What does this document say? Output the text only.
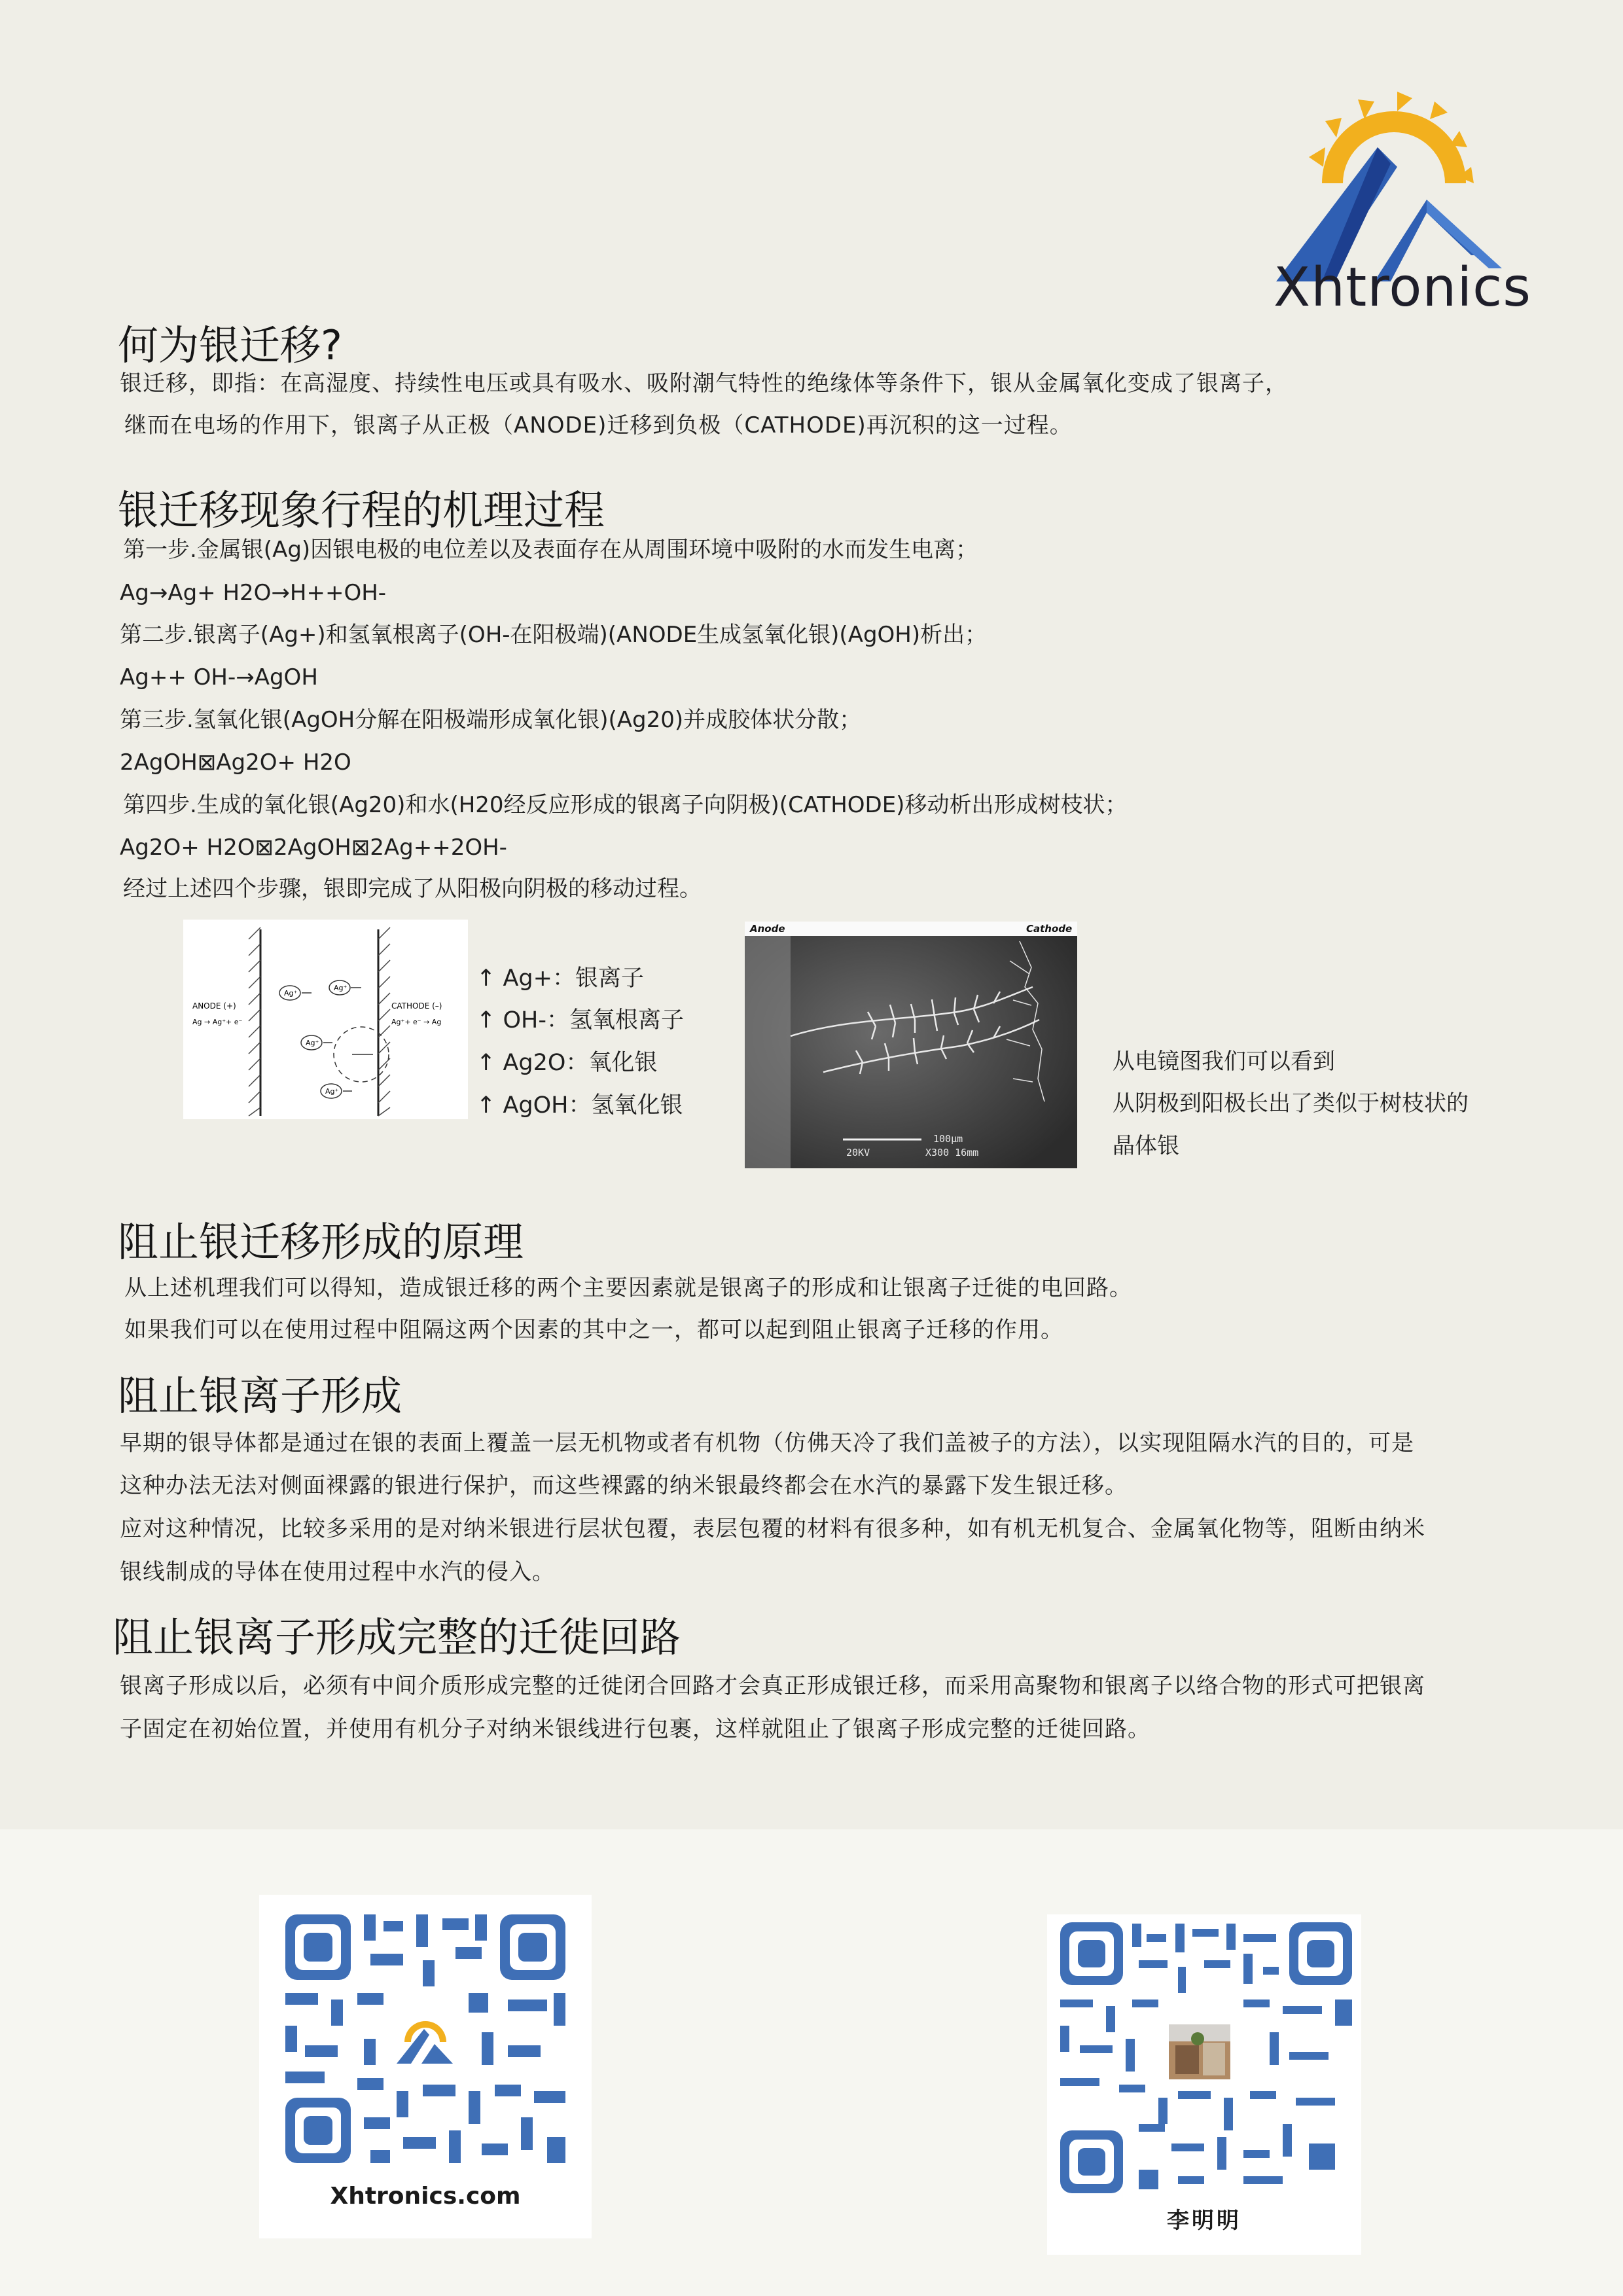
Xhtronics
何为银迁移?

银迁移，即指：在高湿度、持续性电压或具有吸水、吸附潮气特性的绝缘体等条件下，银从金属氧化变成了银离子，

继而在电场的作用下，银离子从正极（ANODE)迁移到负极（CATHODE)再沉积的这一过程。

银迁移现象行程的机理过程

第一步.金属银(Ag)因银电极的电位差以及表面存在从周围环境中吸附的水而发生电离；

Ag→Ag+ H2O→H++OH-

第二步.银离子(Ag+)和氢氧根离子(OH-在阳极端)(ANODE生成氢氧化银)(AgOH)析出；

Ag++ OH-→AgOH

第三步.氢氧化银(AgOH分解在阳极端形成氧化银)(Ag20)并成胶体状分散；

2AgOH⊠Ag2O+ H2O

第四步.生成的氧化银(Ag20)和水(H20经反应形成的银离子向阴极)(CATHODE)移动析出形成树枝状；

Ag2O+ H2O⊠2AgOH⊠2Ag++2OH-

经过上述四个步骤，银即完成了从阳极向阴极的移动过程。

Ag⁺
Ag⁺
Ag⁺
Ag⁺
ANODE (+)
Ag → Ag⁺+ e⁻
CATHODE (–)
Ag⁺+ e⁻ → Ag

↑ Ag+：银离子

↑ OH-：氢氧根离子

↑ Ag2O：氧化银

↑ AgOH：氢氧化银

Anode	Cathode
100μm
20KV	X300 16mm

从电镜图我们可以看到

从阴极到阳极长出了类似于树枝状的

晶体银

阻止银迁移形成的原理

从上述机理我们可以得知，造成银迁移的两个主要因素就是银离子的形成和让银离子迁徙的电回路。

如果我们可以在使用过程中阻隔这两个因素的其中之一，都可以起到阻止银离子迁移的作用。

阻止银离子形成

早期的银导体都是通过在银的表面上覆盖一层无机物或者有机物（仿佛天冷了我们盖被子的方法），以实现阻隔水汽的目的，可是

这种办法无法对侧面裸露的银进行保护，而这些裸露的纳米银最终都会在水汽的暴露下发生银迁移。

应对这种情况，比较多采用的是对纳米银进行层状包覆，表层包覆的材料有很多种，如有机无机复合、金属氧化物等，阻断由纳米

银线制成的导体在使用过程中水汽的侵入。

阻止银离子形成完整的迁徙回路

银离子形成以后，必须有中间介质形成完整的迁徙闭合回路才会真正形成银迁移，而采用高聚物和银离子以络合物的形式可把银离

子固定在初始位置，并使用有机分子对纳米银线进行包裹，这样就阻止了银离子形成完整的迁徙回路。

Xhtronics.com
李明明
